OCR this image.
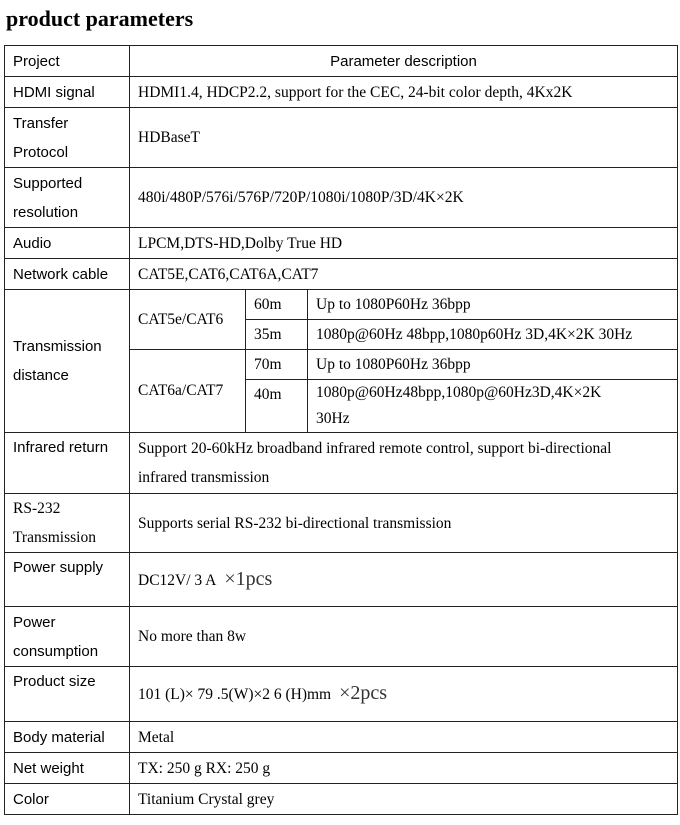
product parameters
Project	Parameter description		
HDMI signal	HDMI1.4, HDCP2.2, support for the CEC, 24-bit color depth, 4Kx2K		

Transfer
Protocol	HDBaseT		

Supported
resolution	480i/480P/576i/576P/720P/1080i/1080P/3D/4K×2K		
Audio	LPCM,DTS-HD,Dolby True HD		
Network cable	CAT5E,CAT6,CAT6A,CAT7		

Transmission
distance	CAT5e/CAT6	60m	Up to 1080P60Hz 36bpp
		35m	1080p@60Hz 48bpp,1080p60Hz 3D,4K×2K 30Hz

	CAT6a/CAT7	70m	Up to 1080P60Hz 36bpp
		40m	1080p@60Hz48bpp,1080p@60Hz3D,4K×2K
30Hz

Infrared return	Support 20-60kHz broadband infrared remote control, support bi-directional
infrared transmission		

RS-232
Transmission	Supports serial RS-232 bi-directional transmission		
Power supply	DC12V/ 3 A ×1pcs		

Power
consumption	No more than 8w		
Product size	101 (L)× 79 .5(W)×2 6 (H)mm ×2pcs		
Body material	Metal		
Net weight	TX: 250 g RX: 250 g		
Color	Titanium Crystal grey		
